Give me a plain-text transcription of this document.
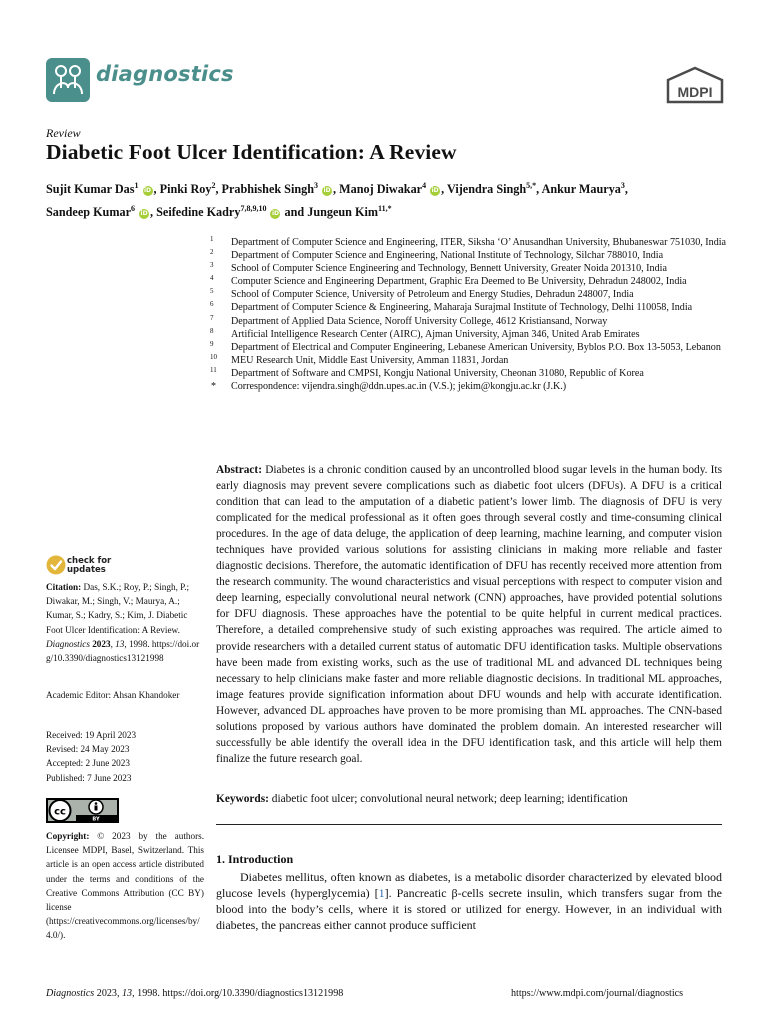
diagnostics
MDPI
Review
Diabetic Foot Ulcer Identification: A Review
Sujit Kumar Das$^1$ iD , Pinki Roy$^2$, Prabhishek Singh$^3$ iD , Manoj Diwakar$^4$ iD , Vijendra Singh$^{5,*}$, Ankur Maurya$^3$,
Sandeep Kumar$^6$ iD , Seifedine Kadry$^{7,8,9,10}$ iD and Jungeun Kim$^{11,*}$
1 Department of Computer Science and Engineering, ITER, Siksha ‘O’ Anusandhan University, Bhubaneswar 751030, India
2 Department of Computer Science and Engineering, National Institute of Technology, Silchar 788010, India
3 School of Computer Science Engineering and Technology, Bennett University, Greater Noida 201310, India
4 Computer Science and Engineering Department, Graphic Era Deemed to Be University, Dehradun 248002, India
5 School of Computer Science, University of Petroleum and Energy Studies, Dehradun 248007, India
6 Department of Computer Science & Engineering, Maharaja Surajmal Institute of Technology, Delhi 110058, India
7 Department of Applied Data Science, Noroff University College, 4612 Kristiansand, Norway
8 Artificial Intelligence Research Center (AIRC), Ajman University, Ajman 346, United Arab Emirates
9 Department of Electrical and Computer Engineering, Lebanese American University, Byblos P.O. Box 13-5053, Lebanon
10 MEU Research Unit, Middle East University, Amman 11831, Jordan
11 Department of Software and CMPSI, Kongju National University, Cheonan 31080, Republic of Korea
* Correspondence: vijendra.singh@ddn.upes.ac.in (V.S.); jekim@kongju.ac.kr (J.K.)
Abstract: Diabetes is a chronic condition caused by an uncontrolled blood sugar levels in the human body. Its early diagnosis may prevent severe complications such as diabetic foot ulcers (DFUs). A DFU is a critical condition that can lead to the amputation of a diabetic patient’s lower limb. The diagnosis of DFU is very complicated for the medical professional as it often goes through several costly and time-consuming clinical procedures. In the age of data deluge, the application of deep learning, machine learning, and computer vision techniques have provided various solutions for assisting clinicians in making more reliable and faster diagnostic decisions. Therefore, the automatic identification of DFU has recently received more attention from the research community. The wound characteristics and visual perceptions with respect to computer vision and deep learning, especially convolutional neural network (CNN) approaches, have provided potential solutions for DFU diagnosis. These approaches have the potential to be quite helpful in current medical practices. Therefore, a detailed comprehensive study of such existing approaches was required. The article aimed to provide researchers with a detailed current status of automatic DFU identification tasks. Multiple observations have been made from existing works, such as the use of traditional ML and advanced DL techniques being necessary to help clinicians make faster and more reliable diagnostic decisions. In traditional ML approaches, image features provide signification information about DFU wounds and help with accurate identification. However, advanced DL approaches have proven to be more promising than ML approaches. The CNN-based solutions proposed by various authors have dominated the problem domain. An interested researcher will successfully be able identify the overall idea in the DFU identification task, and this article will help them finalize the future research goal.
Keywords: diabetic foot ulcer; convolutional neural network; deep learning; identification
1. Introduction
Diabetes mellitus, often known as diabetes, is a metabolic disorder characterized by elevated blood glucose levels (hyperglycemia) [1]. Pancreatic β-cells secrete insulin, which transfers sugar from the blood into the body’s cells, where it is stored or utilized for energy. However, in an individual with diabetes, the pancreas either cannot produce sufficient
check for
updates
Citation: Das, S.K.; Roy, P.; Singh, P.; Diwakar, M.; Singh, V.; Maurya, A.; Kumar, S.; Kadry, S.; Kim, J. Diabetic Foot Ulcer Identification: A Review. Diagnostics 2023, 13, 1998. https://doi.org/10.3390/diagnostics13121998
Academic Editor: Ahsan Khandoker
Received: 19 April 2023
Revised: 24 May 2023
Accepted: 2 June 2023
Published: 7 June 2023
cc
BY
Copyright: © 2023 by the authors. Licensee MDPI, Basel, Switzerland. This article is an open access article distributed under the terms and conditions of the Creative Commons Attribution (CC BY) license (https://creativecommons.org/licenses/by/4.0/).
Diagnostics 2023, 13, 1998. https://doi.org/10.3390/diagnostics13121998	https://www.mdpi.com/journal/diagnostics
